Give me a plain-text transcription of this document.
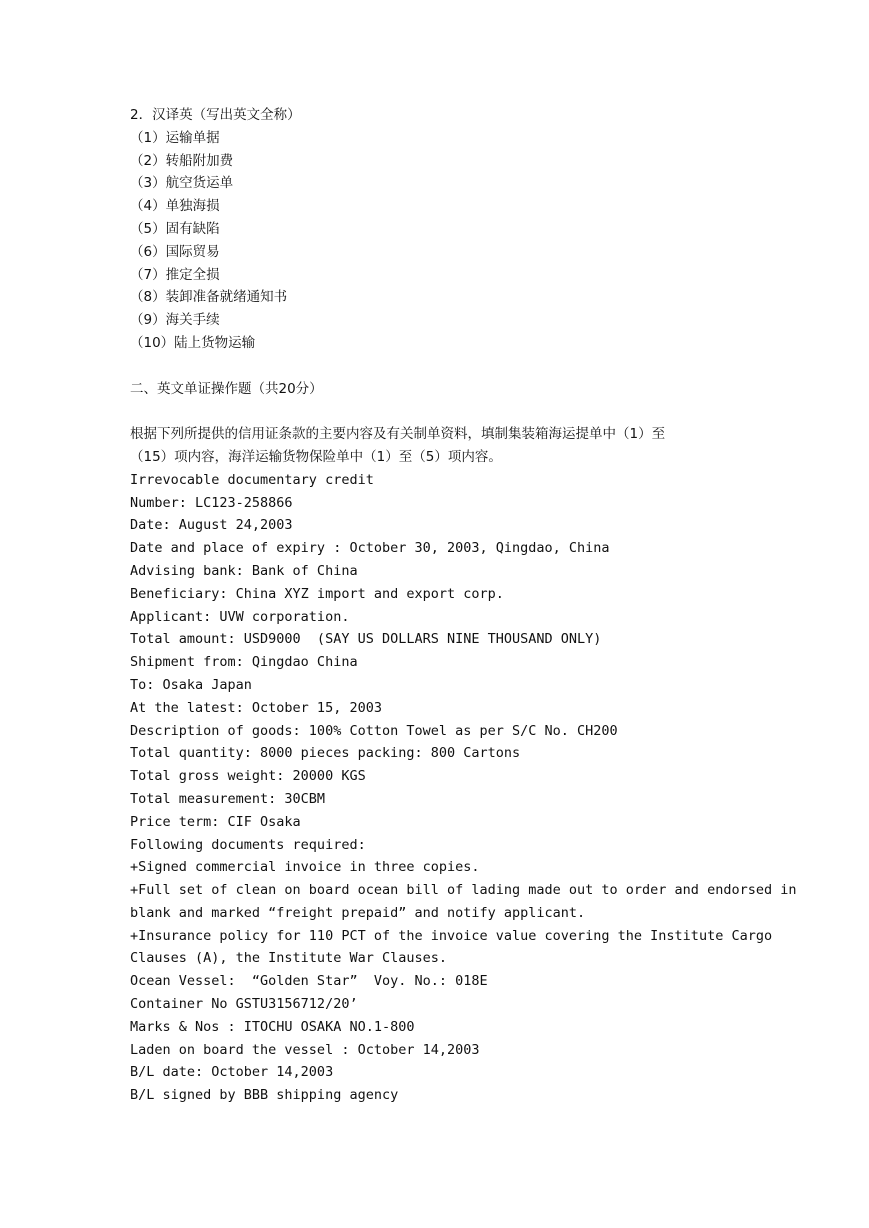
2．汉译英（写出英文全称）
（1）运输单据
（2）转船附加费
（3）航空货运单
（4）单独海损
（5）固有缺陷
（6）国际贸易
（7）推定全损
（8）装卸准备就绪通知书
（9）海关手续
（10）陆上货物运输
二、英文单证操作题（共20分）
根据下列所提供的信用证条款的主要内容及有关制单资料，填制集装箱海运提单中（1）至
（15）项内容，海洋运输货物保险单中（1）至（5）项内容。
Irrevocable documentary credit
Number: LC123-258866
Date: August 24,2003
Date and place of expiry : October 30, 2003, Qingdao, China
Advising bank: Bank of China
Beneficiary: China XYZ import and export corp.
Applicant: UVW corporation.
Total amount: USD9000  (SAY US DOLLARS NINE THOUSAND ONLY)
Shipment from: Qingdao China
To: Osaka Japan
At the latest: October 15, 2003
Description of goods: 100% Cotton Towel as per S/C No. CH200
Total quantity: 8000 pieces packing: 800 Cartons
Total gross weight: 20000 KGS
Total measurement: 30CBM
Price term: CIF Osaka
Following documents required:
+Signed commercial invoice in three copies.
+Full set of clean on board ocean bill of lading made out to order and endorsed in
blank and marked “freight prepaid” and notify applicant.
+Insurance policy for 110 PCT of the invoice value covering the Institute Cargo
Clauses (A), the Institute War Clauses.
Ocean Vessel:  “Golden Star”  Voy. No.: 018E
Container No GSTU3156712/20’
Marks & Nos : ITOCHU OSAKA NO.1-800
Laden on board the vessel : October 14,2003
B/L date: October 14,2003
B/L signed by BBB shipping agency
